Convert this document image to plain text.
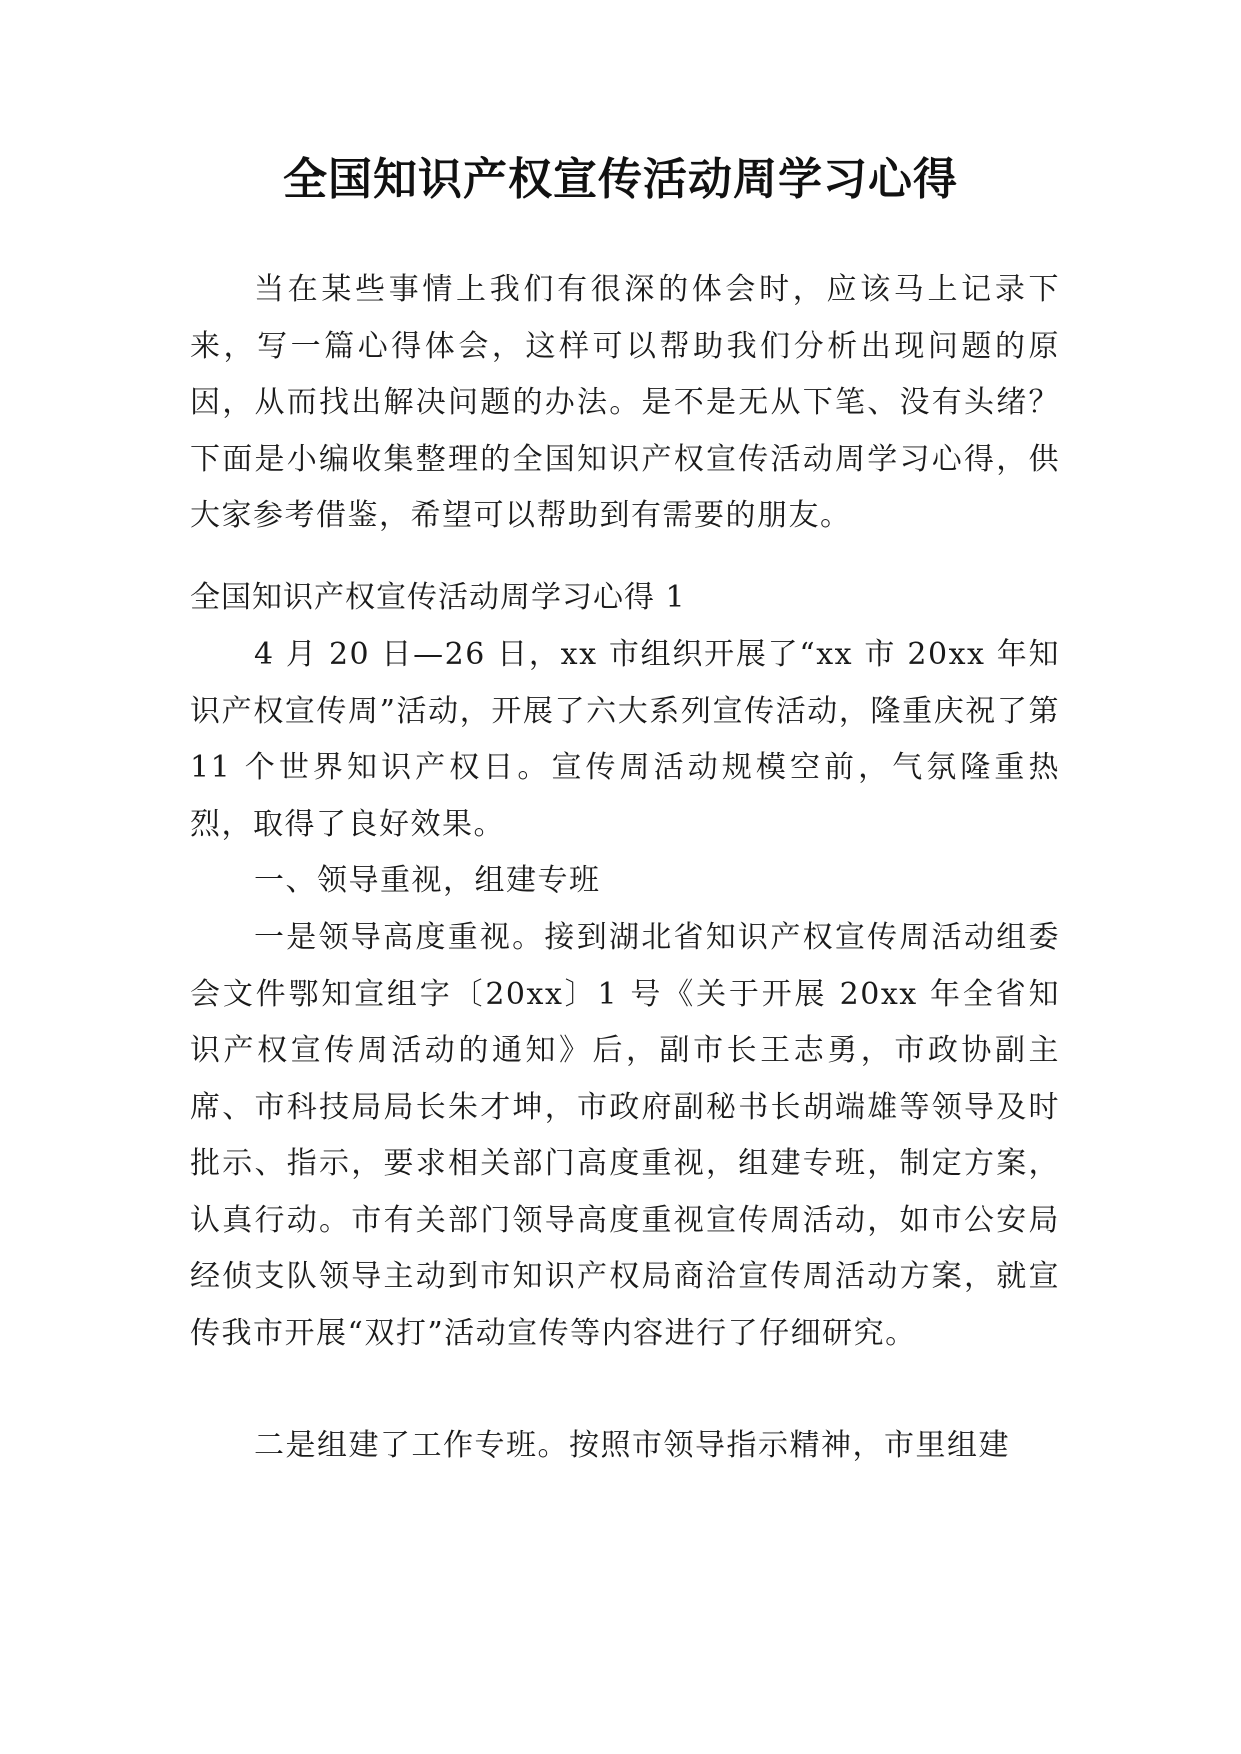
全国知识产权宣传活动周学习心得

当在某些事情上我们有很深的体会时，应该马上记录下来，写一篇心得体会，这样可以帮助我们分析出现问题的原因，从而找出解决问题的办法。是不是无从下笔、没有头绪？下面是小编收集整理的全国知识产权宣传活动周学习心得，供大家参考借鉴，希望可以帮助到有需要的朋友。

全国知识产权宣传活动周学习心得 1

4 月 20 日—26 日，xx 市组织开展了“xx 市 20xx 年知识产权宣传周”活动，开展了六大系列宣传活动，隆重庆祝了第 11 个世界知识产权日。宣传周活动规模空前，气氛隆重热烈，取得了良好效果。

一、领导重视，组建专班

一是领导高度重视。接到湖北省知识产权宣传周活动组委会文件鄂知宣组字〔20xx〕1 号《关于开展 20xx 年全省知识产权宣传周活动的通知》后，副市长王志勇，市政协副主席、市科技局局长朱才坤，市政府副秘书长胡端雄等领导及时批示、指示，要求相关部门高度重视，组建专班，制定方案，认真行动。市有关部门领导高度重视宣传周活动，如市公安局经侦支队领导主动到市知识产权局商洽宣传周活动方案，就宣传我市开展“双打”活动宣传等内容进行了仔细研究。

二是组建了工作专班。按照市领导指示精神，市里组建
